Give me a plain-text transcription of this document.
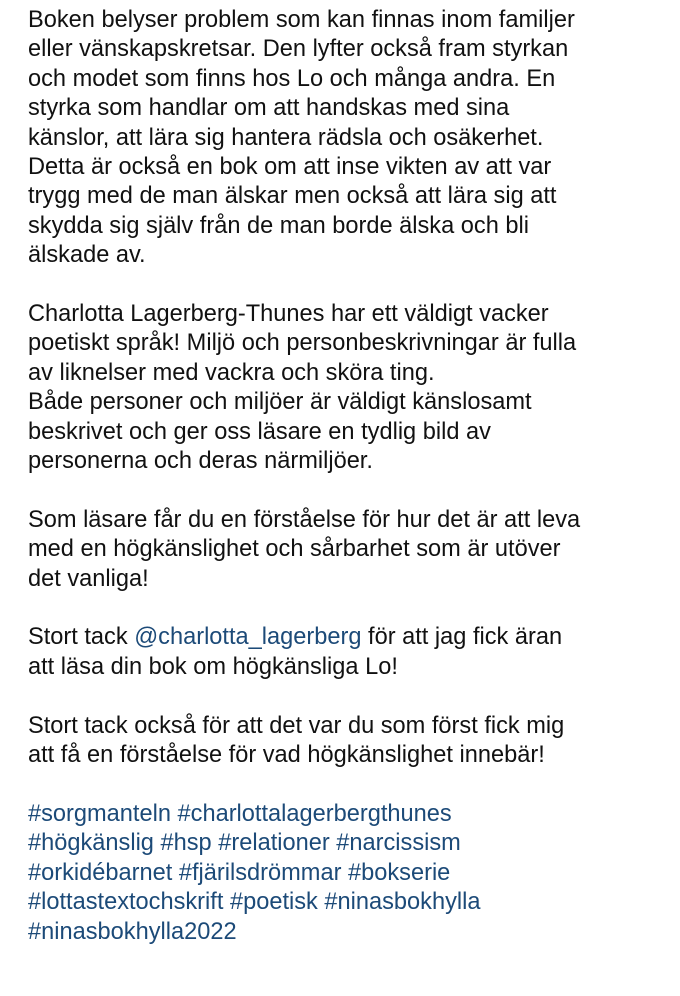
Boken belyser problem som kan finnas inom familjer
eller vänskapskretsar. Den lyfter också fram styrkan
och modet som finns hos Lo och många andra. En
styrka som handlar om att handskas med sina
känslor, att lära sig hantera rädsla och osäkerhet.
Detta är också en bok om att inse vikten av att var
trygg med de man älskar men också att lära sig att
skydda sig själv från de man borde älska och bli
älskade av.
Charlotta Lagerberg-Thunes har ett väldigt vacker
poetiskt språk! Miljö och personbeskrivningar är fulla
av liknelser med vackra och sköra ting.
Både personer och miljöer är väldigt känslosamt
beskrivet och ger oss läsare en tydlig bild av
personerna och deras närmiljöer.
Som läsare får du en förståelse för hur det är att leva
med en högkänslighet och sårbarhet som är utöver
det vanliga!
Stort tack @charlotta_lagerberg för att jag fick äran
att läsa din bok om högkänsliga Lo!
Stort tack också för att det var du som först fick mig
att få en förståelse för vad högkänslighet innebär!
#sorgmanteln #charlottalagerbergthunes
#högkänslig #hsp #relationer #narcissism
#orkidébarnet #fjärilsdrömmar #bokserie
#lottastextochskrift #poetisk #ninasbokhylla
#ninasbokhylla2022
